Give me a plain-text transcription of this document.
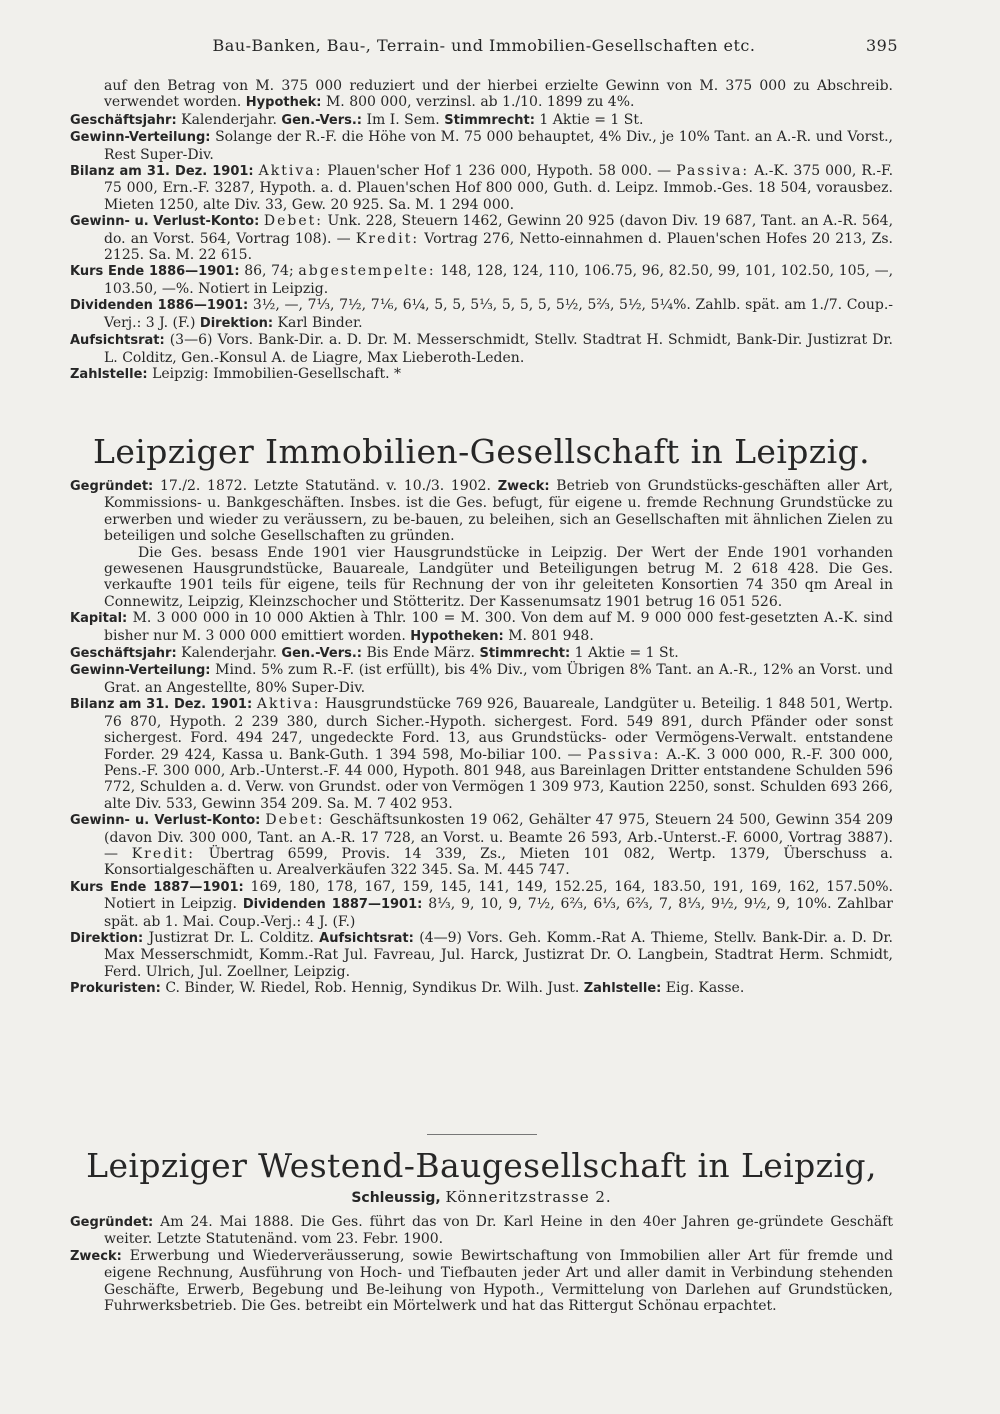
Bau-Banken, Bau-, Terrain- und Immobilien-Gesellschaften etc.	395

auf den Betrag von M. 375 000 reduziert und der hierbei erzielte Gewinn von M. 375 000 zu Abschreib. verwendet worden. Hypothek: M. 800 000, verzinsl. ab 1./10. 1899 zu 4%.

Geschäftsjahr: Kalenderjahr. Gen.-Vers.: Im I. Sem. Stimmrecht: 1 Aktie = 1 St.

Gewinn-Verteilung: Solange der R.-F. die Höhe von M. 75 000 behauptet, 4% Div., je 10% Tant. an A.-R. und Vorst., Rest Super-Div.

Bilanz am 31. Dez. 1901: Aktiva: Plauen'scher Hof 1 236 000, Hypoth. 58 000. — Passiva: A.-K. 375 000, R.-F. 75 000, Ern.-F. 3287, Hypoth. a. d. Plauen'schen Hof 800 000, Guth. d. Leipz. Immob.-Ges. 18 504, vorausbez. Mieten 1250, alte Div. 33, Gew. 20 925. Sa. M. 1 294 000.

Gewinn- u. Verlust-Konto: Debet: Unk. 228, Steuern 1462, Gewinn 20 925 (davon Div. 19 687, Tant. an A.-R. 564, do. an Vorst. 564, Vortrag 108). — Kredit: Vortrag 276, Netto-einnahmen d. Plauen'schen Hofes 20 213, Zs. 2125. Sa. M. 22 615.

Kurs Ende 1886—1901: 86, 74; abgestempelte: 148, 128, 124, 110, 106.75, 96, 82.50, 99, 101, 102.50, 105, —, 103.50, —%. Notiert in Leipzig.

Dividenden 1886—1901: 3½, —, 7⅓, 7½, 7⅙, 6¼, 5, 5, 5⅓, 5, 5, 5, 5½, 5⅔, 5½, 5¼%. Zahlb. spät. am 1./7. Coup.-Verj.: 3 J. (F.) Direktion: Karl Binder.

Aufsichtsrat: (3—6) Vors. Bank-Dir. a. D. Dr. M. Messerschmidt, Stellv. Stadtrat H. Schmidt, Bank-Dir. Justizrat Dr. L. Colditz, Gen.-Konsul A. de Liagre, Max Lieberoth-Leden.

Zahlstelle: Leipzig: Immobilien-Gesellschaft. *

Leipziger Immobilien-Gesellschaft in Leipzig.

Gegründet: 17./2. 1872. Letzte Statutänd. v. 10./3. 1902. Zweck: Betrieb von Grundstücks-geschäften aller Art, Kommissions- u. Bankgeschäften. Insbes. ist die Ges. befugt, für eigene u. fremde Rechnung Grundstücke zu erwerben und wieder zu veräussern, zu be-bauen, zu beleihen, sich an Gesellschaften mit ähnlichen Zielen zu beteiligen und solche Gesellschaften zu gründen.

Die Ges. besass Ende 1901 vier Hausgrundstücke in Leipzig. Der Wert der Ende 1901 vorhanden gewesenen Hausgrundstücke, Bauareale, Landgüter und Beteiligungen betrug M. 2 618 428. Die Ges. verkaufte 1901 teils für eigene, teils für Rechnung der von ihr geleiteten Konsortien 74 350 qm Areal in Connewitz, Leipzig, Kleinzschocher und Stötteritz. Der Kassenumsatz 1901 betrug 16 051 526.

Kapital: M. 3 000 000 in 10 000 Aktien à Thlr. 100 = M. 300. Von dem auf M. 9 000 000 fest-gesetzten A.-K. sind bisher nur M. 3 000 000 emittiert worden. Hypotheken: M. 801 948.

Geschäftsjahr: Kalenderjahr. Gen.-Vers.: Bis Ende März. Stimmrecht: 1 Aktie = 1 St.

Gewinn-Verteilung: Mind. 5% zum R.-F. (ist erfüllt), bis 4% Div., vom Übrigen 8% Tant. an A.-R., 12% an Vorst. und Grat. an Angestellte, 80% Super-Div.

Bilanz am 31. Dez. 1901: Aktiva: Hausgrundstücke 769 926, Bauareale, Landgüter u. Beteilig. 1 848 501, Wertp. 76 870, Hypoth. 2 239 380, durch Sicher.-Hypoth. sichergest. Ford. 549 891, durch Pfänder oder sonst sichergest. Ford. 494 247, ungedeckte Ford. 13, aus Grundstücks- oder Vermögens-Verwalt. entstandene Forder. 29 424, Kassa u. Bank-Guth. 1 394 598, Mo-biliar 100. — Passiva: A.-K. 3 000 000, R.-F. 300 000, Pens.-F. 300 000, Arb.-Unterst.-F. 44 000, Hypoth. 801 948, aus Bareinlagen Dritter entstandene Schulden 596 772, Schulden a. d. Verw. von Grundst. oder von Vermögen 1 309 973, Kaution 2250, sonst. Schulden 693 266, alte Div. 533, Gewinn 354 209. Sa. M. 7 402 953.

Gewinn- u. Verlust-Konto: Debet: Geschäftsunkosten 19 062, Gehälter 47 975, Steuern 24 500, Gewinn 354 209 (davon Div. 300 000, Tant. an A.-R. 17 728, an Vorst. u. Beamte 26 593, Arb.-Unterst.-F. 6000, Vortrag 3887). — Kredit: Übertrag 6599, Provis. 14 339, Zs., Mieten 101 082, Wertp. 1379, Überschuss a. Konsortialgeschäften u. Arealverkäufen 322 345. Sa. M. 445 747.

Kurs Ende 1887—1901: 169, 180, 178, 167, 159, 145, 141, 149, 152.25, 164, 183.50, 191, 169, 162, 157.50%. Notiert in Leipzig. Dividenden 1887—1901: 8⅓, 9, 10, 9, 7½, 6⅔, 6⅓, 6⅔, 7, 8⅓, 9½, 9½, 9, 10%. Zahlbar spät. ab 1. Mai. Coup.-Verj.: 4 J. (F.)

Direktion: Justizrat Dr. L. Colditz. Aufsichtsrat: (4—9) Vors. Geh. Komm.-Rat A. Thieme, Stellv. Bank-Dir. a. D. Dr. Max Messerschmidt, Komm.-Rat Jul. Favreau, Jul. Harck, Justizrat Dr. O. Langbein, Stadtrat Herm. Schmidt, Ferd. Ulrich, Jul. Zoellner, Leipzig.

Prokuristen: C. Binder, W. Riedel, Rob. Hennig, Syndikus Dr. Wilh. Just. Zahlstelle: Eig. Kasse.

Leipziger Westend-Baugesellschaft in Leipzig,
Schleussig, Könneritzstrasse 2.

Gegründet: Am 24. Mai 1888. Die Ges. führt das von Dr. Karl Heine in den 40er Jahren ge-gründete Geschäft weiter. Letzte Statutenänd. vom 23. Febr. 1900.

Zweck: Erwerbung und Wiederveräusserung, sowie Bewirtschaftung von Immobilien aller Art für fremde und eigene Rechnung, Ausführung von Hoch- und Tiefbauten jeder Art und aller damit in Verbindung stehenden Geschäfte, Erwerb, Begebung und Be-leihung von Hypoth., Vermittelung von Darlehen auf Grundstücken, Fuhrwerksbetrieb. Die Ges. betreibt ein Mörtelwerk und hat das Rittergut Schönau erpachtet.
